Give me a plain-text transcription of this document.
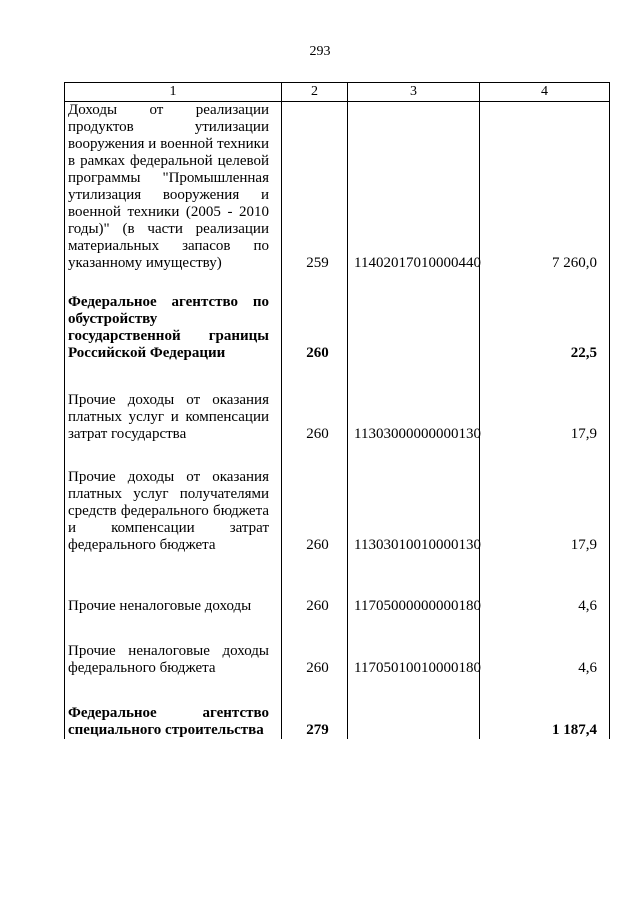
293
1	2	3	4
Доходы от реализации продуктов утилизации вооружения и военной техники в рамках федеральной целевой программы "Промышленная утилизация вооружения и военной техники (2005 - 2010 годы)" (в части реализации материальных запасов по указанному имуществу)	259	11402017010000440	7 260,0

Федеральное агентство по обустройству государственной границы Российской Федерации	260		22,5

Прочие доходы от оказания платных услуг и компенсации затрат государства	260	11303000000000130	17,9

Прочие доходы от оказания платных услуг получателями средств федерального бюджета и компенсации затрат федерального бюджета	260	11303010010000130	17,9

Прочие неналоговые доходы	260	11705000000000180	4,6

Прочие неналоговые доходы федерального бюджета	260	11705010010000180	4,6

Федеральное агентство специального строительства	279		1 187,4
